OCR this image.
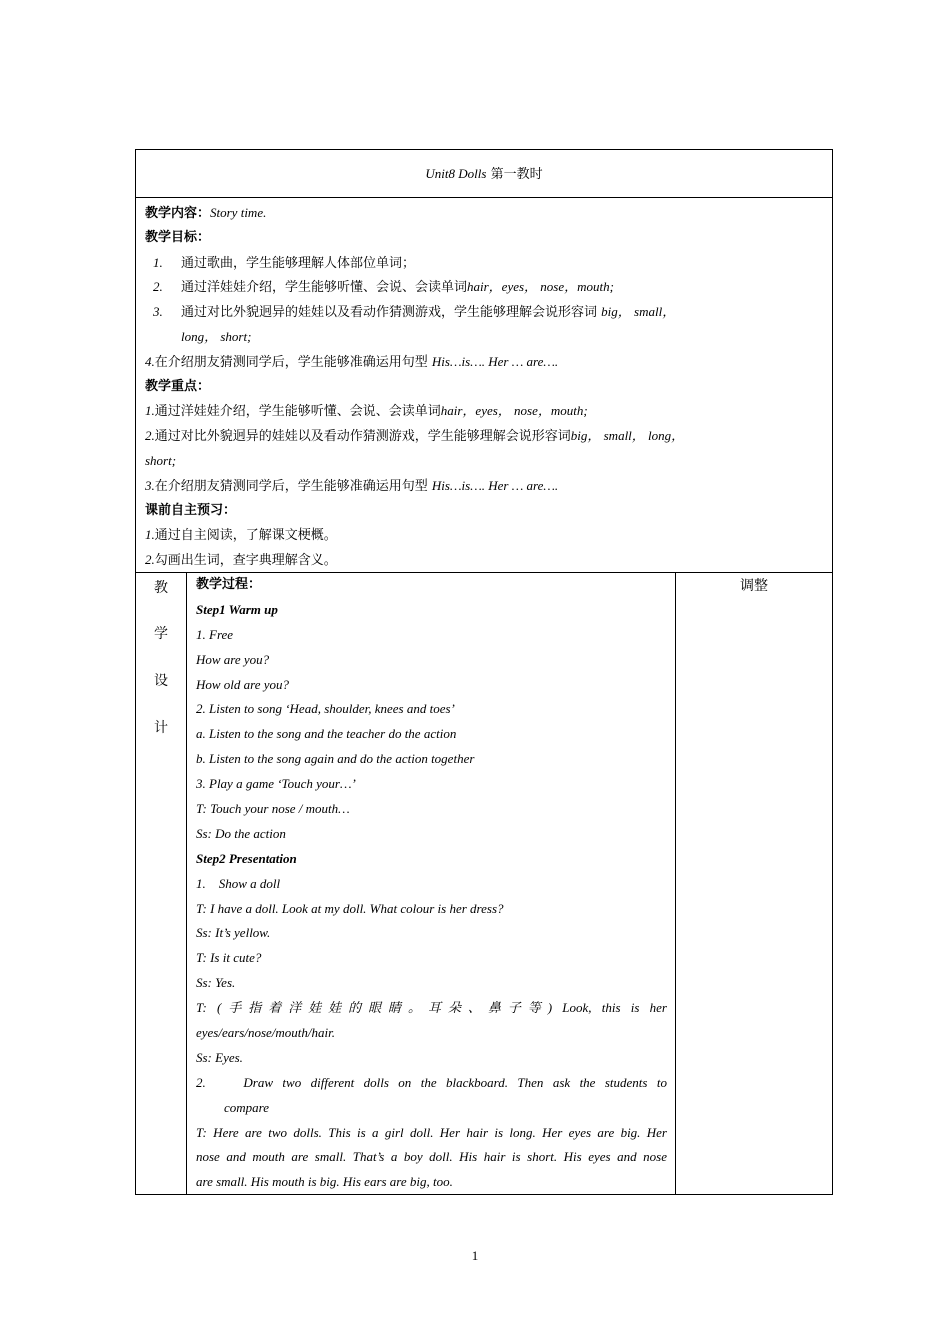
Unit8 Dolls 第一教时
教学内容：Story time.
教学目标：
1. 通过歌曲，学生能够理解人体部位单词；
2. 通过洋娃娃介绍，学生能够听懂、会说、会读单词hair，eyes， nose，mouth;
3. 通过对比外貌迥异的娃娃以及看动作猜测游戏，学生能够理解会说形容词 big， small，
long， short;
4.在介绍朋友猜测同学后，学生能够准确运用句型 His…is…. Her … are….
教学重点：
1.通过洋娃娃介绍，学生能够听懂、会说、会读单词hair，eyes， nose，mouth;
2.通过对比外貌迥异的娃娃以及看动作猜测游戏，学生能够理解会说形容词big， small， long，
short;
3.在介绍朋友猜测同学后，学生能够准确运用句型 His…is…. Her … are….
课前自主预习：
1.通过自主阅读，了解课文梗概。
2.勾画出生词，查字典理解含义。
教
学
设
计
教学过程：
Step1 Warm up
1. Free
How are you?
How old are you?
2. Listen to song ‘Head, shoulder, knees and toes’
a. Listen to the song and the teacher do the action
b. Listen to the song again and do the action together
3. Play a game ‘Touch your…’
T: Touch your nose / mouth…
Ss: Do the action
Step2 Presentation
1.    Show a doll
T: I have a doll. Look at my doll. What colour is her dress?
Ss: It’s yellow.
T: Is it cute?
Ss: Yes.
T: (手指着洋娃娃的眼睛。耳朵、鼻子等) Look, this is her
eyes/ears/nose/mouth/hair.
Ss: Eyes.
2.    Draw two different dolls on the blackboard. Then ask the students to
compare
T: Here are two dolls. This is a girl doll. Her hair is long. Her eyes are big. Her
nose and mouth are small. That’s a boy doll. His hair is short. His eyes and nose
are small. His mouth is big. His ears are big, too.
调整
1
